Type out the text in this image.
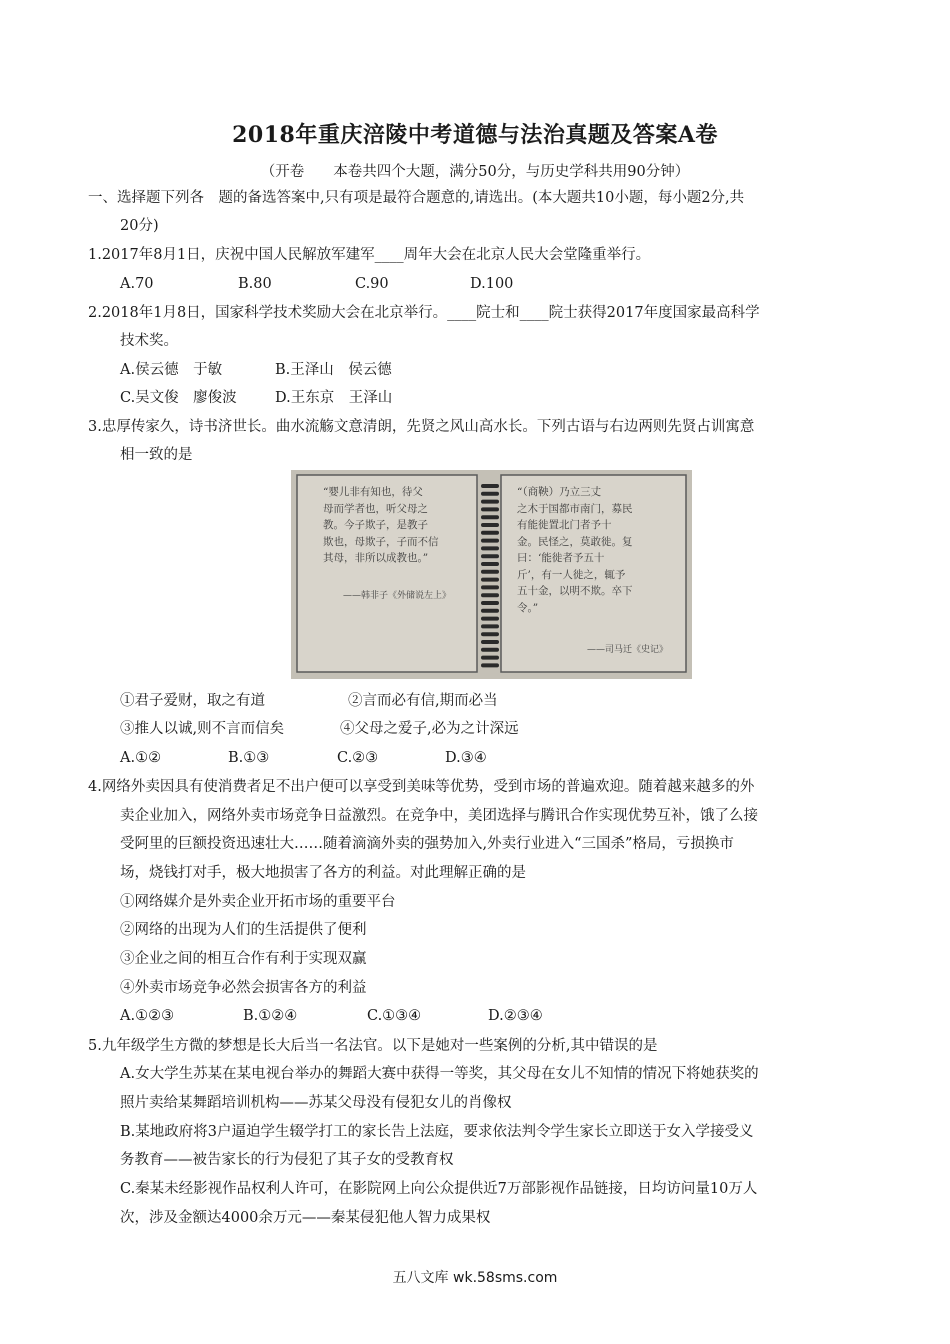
2018年重庆涪陵中考道德与法治真题及答案A卷
（开卷　　本卷共四个大题，满分50分，与历史学科共用90分钟）
一、选择题下列各　题的备选答案中,只有项是最符合题意的,请选出。(本大题共10小题，每小题2分,共
20分)
1.2017年8月1日，庆祝中国人民解放军建军____周年大会在北京人民大会堂隆重举行。
A.70	B.80	C.90	D.100
2.2018年1月8日，国家科学技术奖励大会在北京举行。____院士和____院士获得2017年度国家最高科学
技术奖。
A.侯云德　于敏	B.王泽山　侯云德
C.吴文俊　廖俊波	D.王东京　王泽山
3.忠厚传家久，诗书济世长。曲水流觞文意清朗，先贤之风山高水长。下列古语与右边两则先贤占训寓意
相一致的是
“婴儿非有知也，待父
母而学者也，听父母之
教。今子欺子，是教子
欺也，母欺子，子而不信
其母，非所以成教也。”
——韩非子《外储说左上》
“（商鞅）乃立三丈
之木于国都市南门，募民
有能徙置北门者予十
金。民怪之，莫敢徙。复
曰：‘能徙者予五十
斤’，有一人徙之，辄予
五十金，以明不欺。卒下
令。”
——司马迁《史记》
①君子爱财，取之有道	②言而必有信,期而必当
③推人以诚,则不言而信矣	④父母之爱子,必为之计深远
A.①②	B.①③	C.②③	D.③④
4.网络外卖因具有使消费者足不出户便可以享受到美味等优势，受到市场的普遍欢迎。随着越来越多的外
卖企业加入，网络外卖市场竞争日益激烈。在竞争中，美团选择与腾讯合作实现优势互补，饿了么接
受阿里的巨额投资迅速壮大……随着滴滴外卖的强势加入,外卖行业进入“三国杀”格局，亏损换市
场，烧钱打对手，极大地损害了各方的利益。对此理解正确的是
①网络媒介是外卖企业开拓市场的重要平台
②网络的出现为人们的生活提供了便利
③企业之间的相互合作有利于实现双赢
④外卖市场竞争必然会损害各方的利益
A.①②③	B.①②④	C.①③④	D.②③④
5.九年级学生方微的梦想是长大后当一名法官。以下是她对一些案例的分析,其中错误的是
A.女大学生苏某在某电视台举办的舞蹈大赛中获得一等奖，其父母在女儿不知情的情况下将她获奖的
照片卖给某舞蹈培训机构——苏某父母没有侵犯女儿的肖像权
B.某地政府将3户逼迫学生辍学打工的家长告上法庭，要求依法判令学生家长立即送于女入学接受义
务教育——被告家长的行为侵犯了其子女的受教育权
C.秦某未经影视作品权利人许可，在影院网上向公众提供近7万部影视作品链接，日均访问量10万人
次，涉及金额达4000余万元——秦某侵犯他人智力成果权
五八文库 wk.58sms.com
